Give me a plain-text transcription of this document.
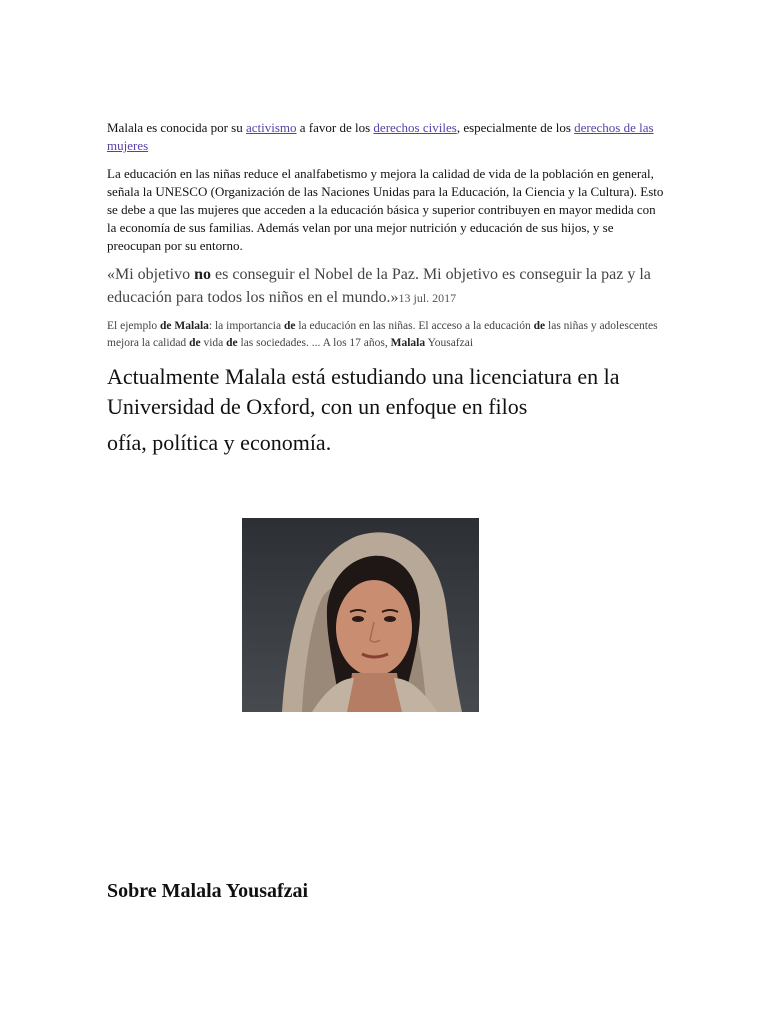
Malala es conocida por su activismo a favor de los derechos civiles, especialmente de los derechos de las mujeres
La educación en las niñas reduce el analfabetismo y mejora la calidad de vida de la población en general, señala la UNESCO (Organización de las Naciones Unidas para la Educación, la Ciencia y la Cultura). Esto se debe a que las mujeres que acceden a la educación básica y superior contribuyen en mayor medida con la economía de sus familias. Además velan por una mejor nutrición y educación de sus hijos, y se preocupan por su entorno.
«Mi objetivo no es conseguir el Nobel de la Paz. Mi objetivo es conseguir la paz y la educación para todos los niños en el mundo.»13 jul. 2017
El ejemplo de Malala: la importancia de la educación en las niñas. El acceso a la educación de las niñas y adolescentes mejora la calidad de vida de las sociedades. ... A los 17 años, Malala Yousafzai
Actualmente Malala está estudiando una licenciatura en la Universidad de Oxford, con un enfoque en filos
ofía, política y economía.
Sobre Malala Yousafzai
